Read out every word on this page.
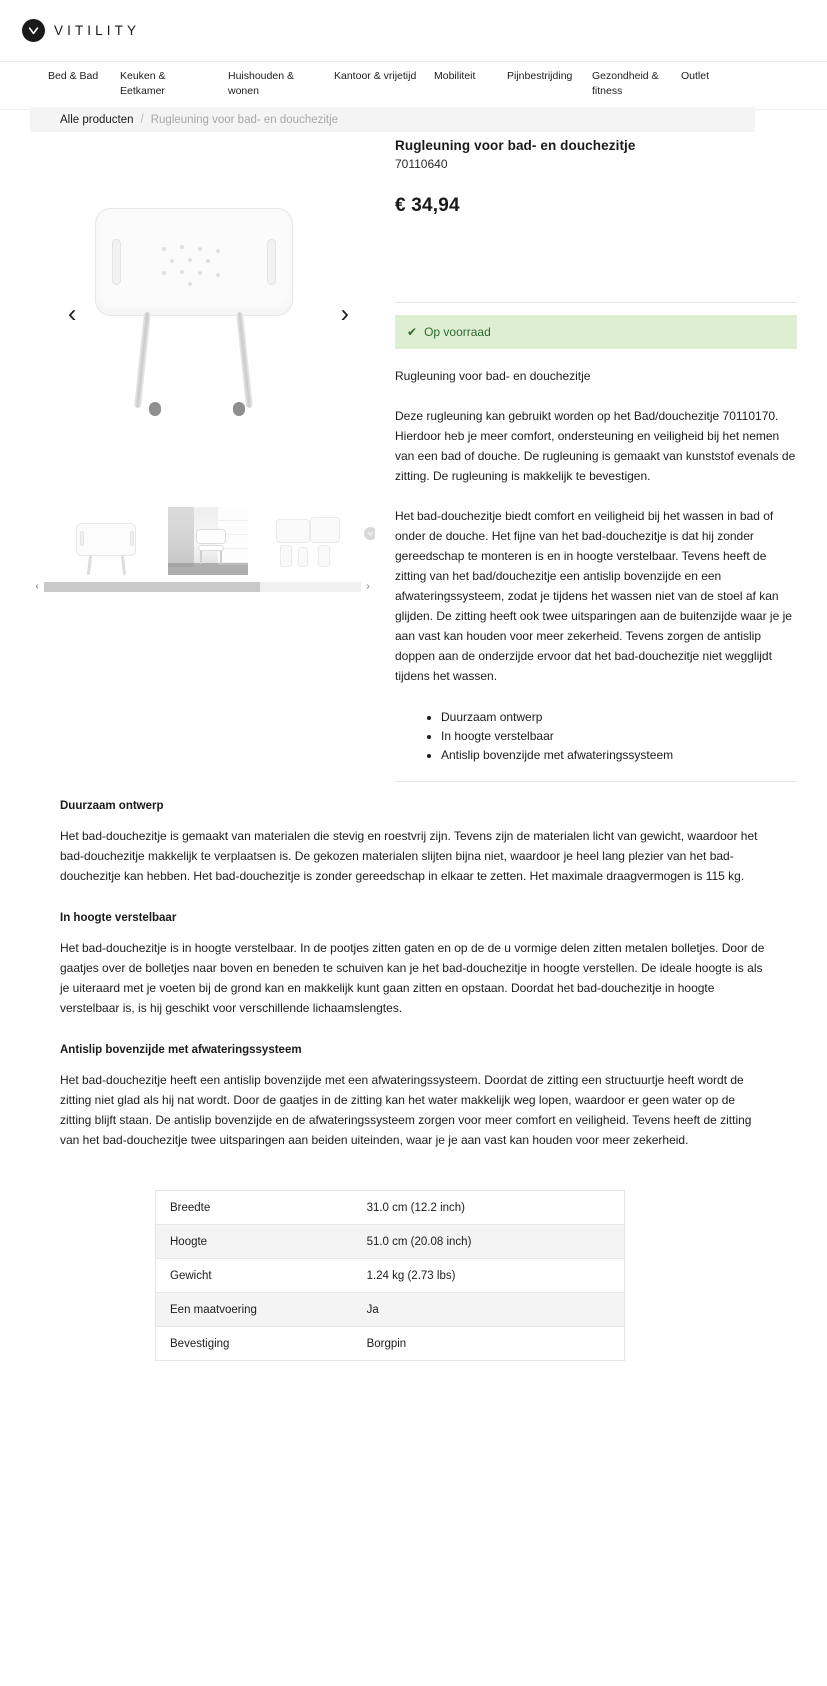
VITILITY
Bed & Bad	Keuken & Eetkamer
Huishouden & wonen
Kantoor & vrijetijd	Mobiliteit	Pijnbestrijding	Gezondheid & fitness
Outlet
Alle producten / Rugleuning voor bad- en douchezitje
‹	›
‹	›
Rugleuning voor bad- en douchezitje
70110640
€ 34,94
✔ Op voorraad

Rugleuning voor bad- en douchezitje

Deze rugleuning kan gebruikt worden op het Bad/douchezitje 70110170. Hierdoor heb je meer comfort, ondersteuning en veiligheid bij het nemen van een bad of douche. De rugleuning is gemaakt van kunststof evenals de zitting. De rugleuning is makkelijk te bevestigen.

Het bad-douchezitje biedt comfort en veiligheid bij het wassen in bad of onder de douche. Het fijne van het bad-douchezitje is dat hij zonder gereedschap te monteren is en in hoogte verstelbaar. Tevens heeft de zitting van het bad/douchezitje een antislip bovenzijde en een afwateringssysteem, zodat je tijdens het wassen niet van de stoel af kan glijden. De zitting heeft ook twee uitsparingen aan de buitenzijde waar je je aan vast kan houden voor meer zekerheid. Tevens zorgen de antislip doppen aan de onderzijde ervoor dat het bad-douchezitje niet wegglijdt tijdens het wassen.

• Duurzaam ontwerp
• In hoogte verstelbaar
• Antislip bovenzijde met afwateringssysteem
Duurzaam ontwerp
Het bad-douchezitje is gemaakt van materialen die stevig en roestvrij zijn. Tevens zijn de materialen licht van gewicht, waardoor het bad-douchezitje makkelijk te verplaatsen is. De gekozen materialen slijten bijna niet, waardoor je heel lang plezier van het bad-douchezitje kan hebben. Het bad-douchezitje is zonder gereedschap in elkaar te zetten. Het maximale draagvermogen is 115 kg.
In hoogte verstelbaar
Het bad-douchezitje is in hoogte verstelbaar. In de pootjes zitten gaten en op de de u vormige delen zitten metalen bolletjes. Door de gaatjes over de bolletjes naar boven en beneden te schuiven kan je het bad-douchezitje in hoogte verstellen. De ideale hoogte is als je uiteraard met je voeten bij de grond kan en makkelijk kunt gaan zitten en opstaan. Doordat het bad-douchezitje in hoogte verstelbaar is, is hij geschikt voor verschillende lichaamslengtes.
Antislip bovenzijde met afwateringssysteem
Het bad-douchezitje heeft een antislip bovenzijde met een afwateringssysteem. Doordat de zitting een structuurtje heeft wordt de zitting niet glad als hij nat wordt. Door de gaatjes in de zitting kan het water makkelijk weg lopen, waardoor er geen water op de zitting blijft staan. De antislip bovenzijde en de afwateringssysteem zorgen voor meer comfort en veiligheid. Tevens heeft de zitting van het bad-douchezitje twee uitsparingen aan beiden uiteinden, waar je je aan vast kan houden voor meer zekerheid.
Breedte	31.0 cm (12.2 inch)
Hoogte	51.0 cm (20.08 inch)
Gewicht	1.24 kg (2.73 lbs)
Een maatvoering	Ja
Bevestiging	Borgpin
